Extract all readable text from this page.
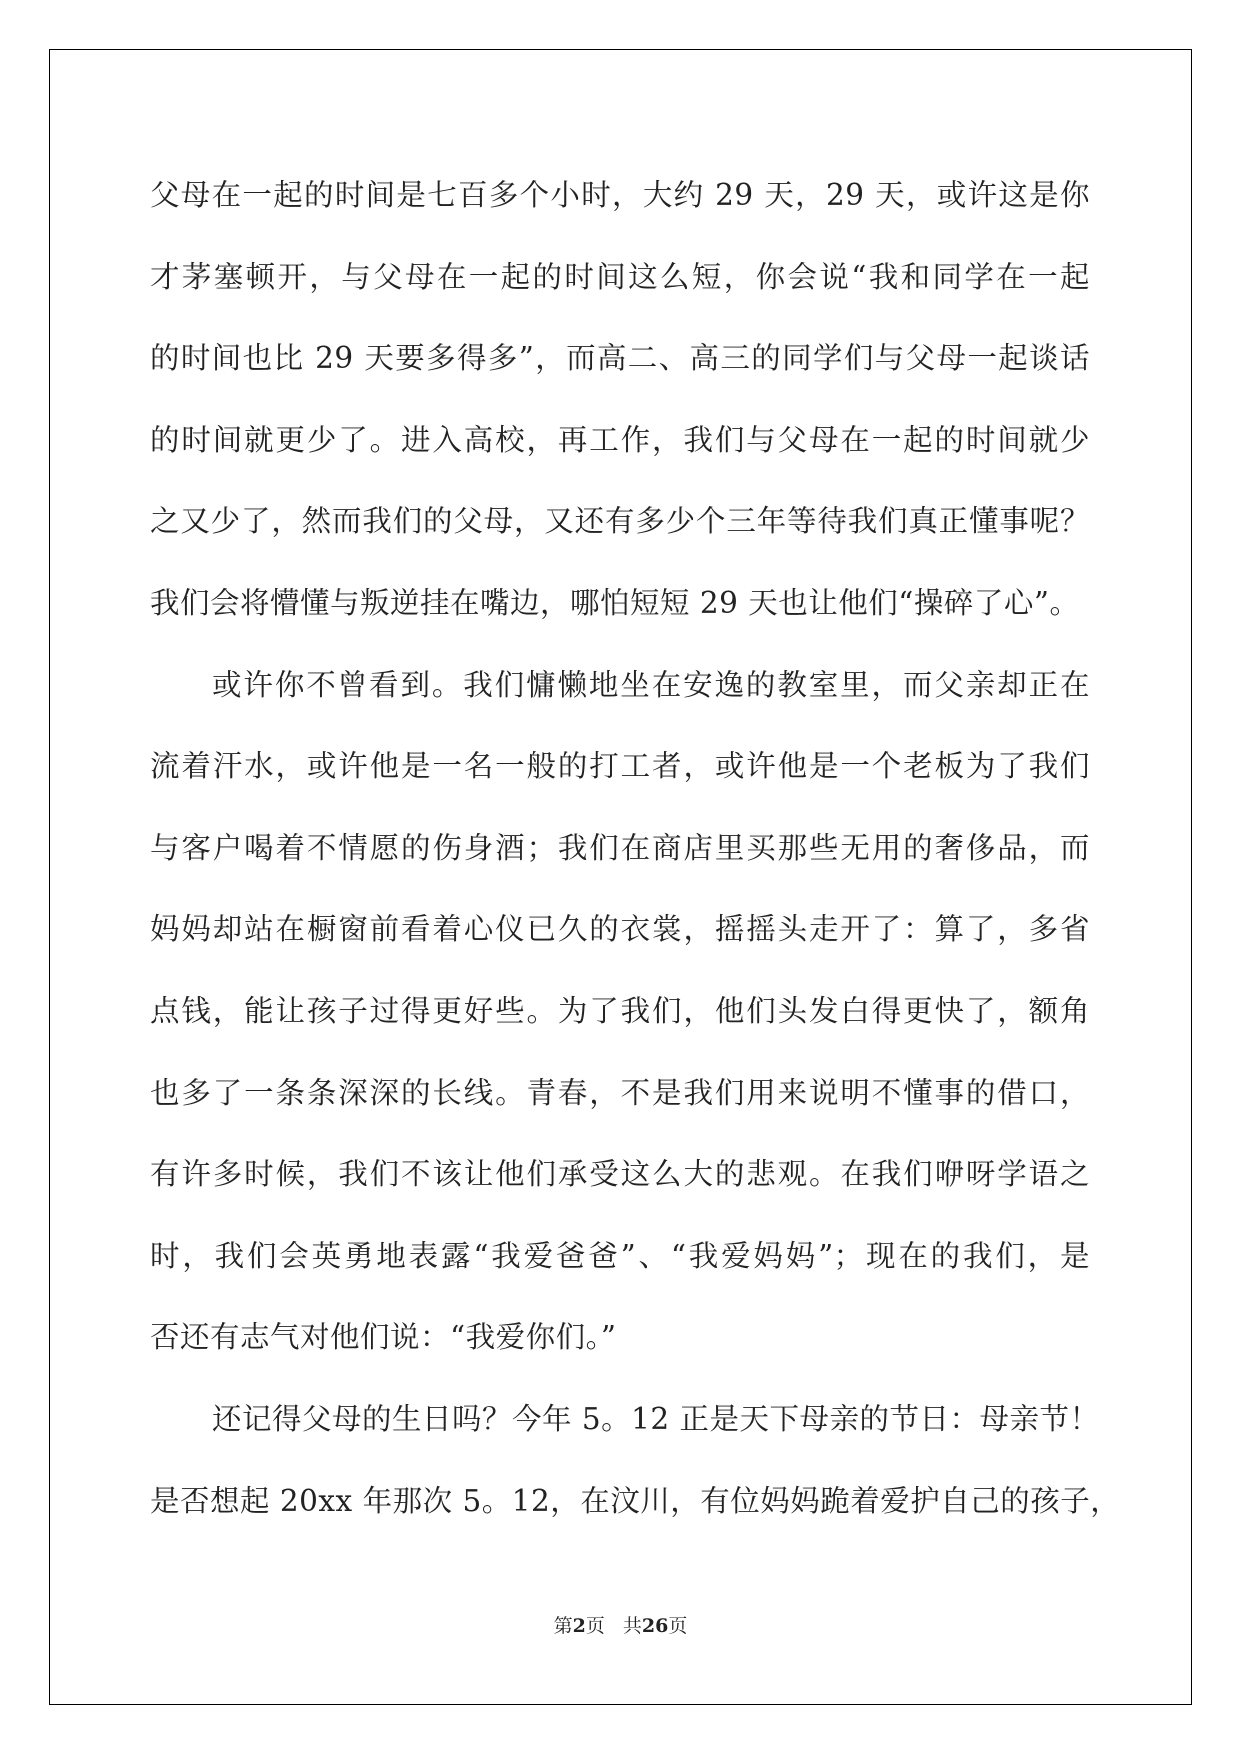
父母在一起的时间是七百多个小时，大约 29 天，29 天，或许这是你
才茅塞顿开，与父母在一起的时间这么短，你会说“我和同学在一起
的时间也比 29 天要多得多”，而高二、高三的同学们与父母一起谈话
的时间就更少了。进入高校，再工作，我们与父母在一起的时间就少
之又少了，然而我们的父母，又还有多少个三年等待我们真正懂事呢？
我们会将懵懂与叛逆挂在嘴边，哪怕短短 29 天也让他们“操碎了心”。
或许你不曾看到。我们慵懒地坐在安逸的教室里，而父亲却正在
流着汗水，或许他是一名一般的打工者，或许他是一个老板为了我们
与客户喝着不情愿的伤身酒；我们在商店里买那些无用的奢侈品，而
妈妈却站在橱窗前看着心仪已久的衣裳，摇摇头走开了：算了，多省
点钱，能让孩子过得更好些。为了我们，他们头发白得更快了，额角
也多了一条条深深的长线。青春，不是我们用来说明不懂事的借口，
有许多时候，我们不该让他们承受这么大的悲观。在我们咿呀学语之
时，我们会英勇地表露“我爱爸爸”、“我爱妈妈”；现在的我们，是
否还有志气对他们说：“我爱你们。”
还记得父母的生日吗？今年 5。12 正是天下母亲的节日：母亲节！
是否想起 20xx 年那次 5。12，在汶川，有位妈妈跪着爱护自己的孩子，
第2页 共26页
